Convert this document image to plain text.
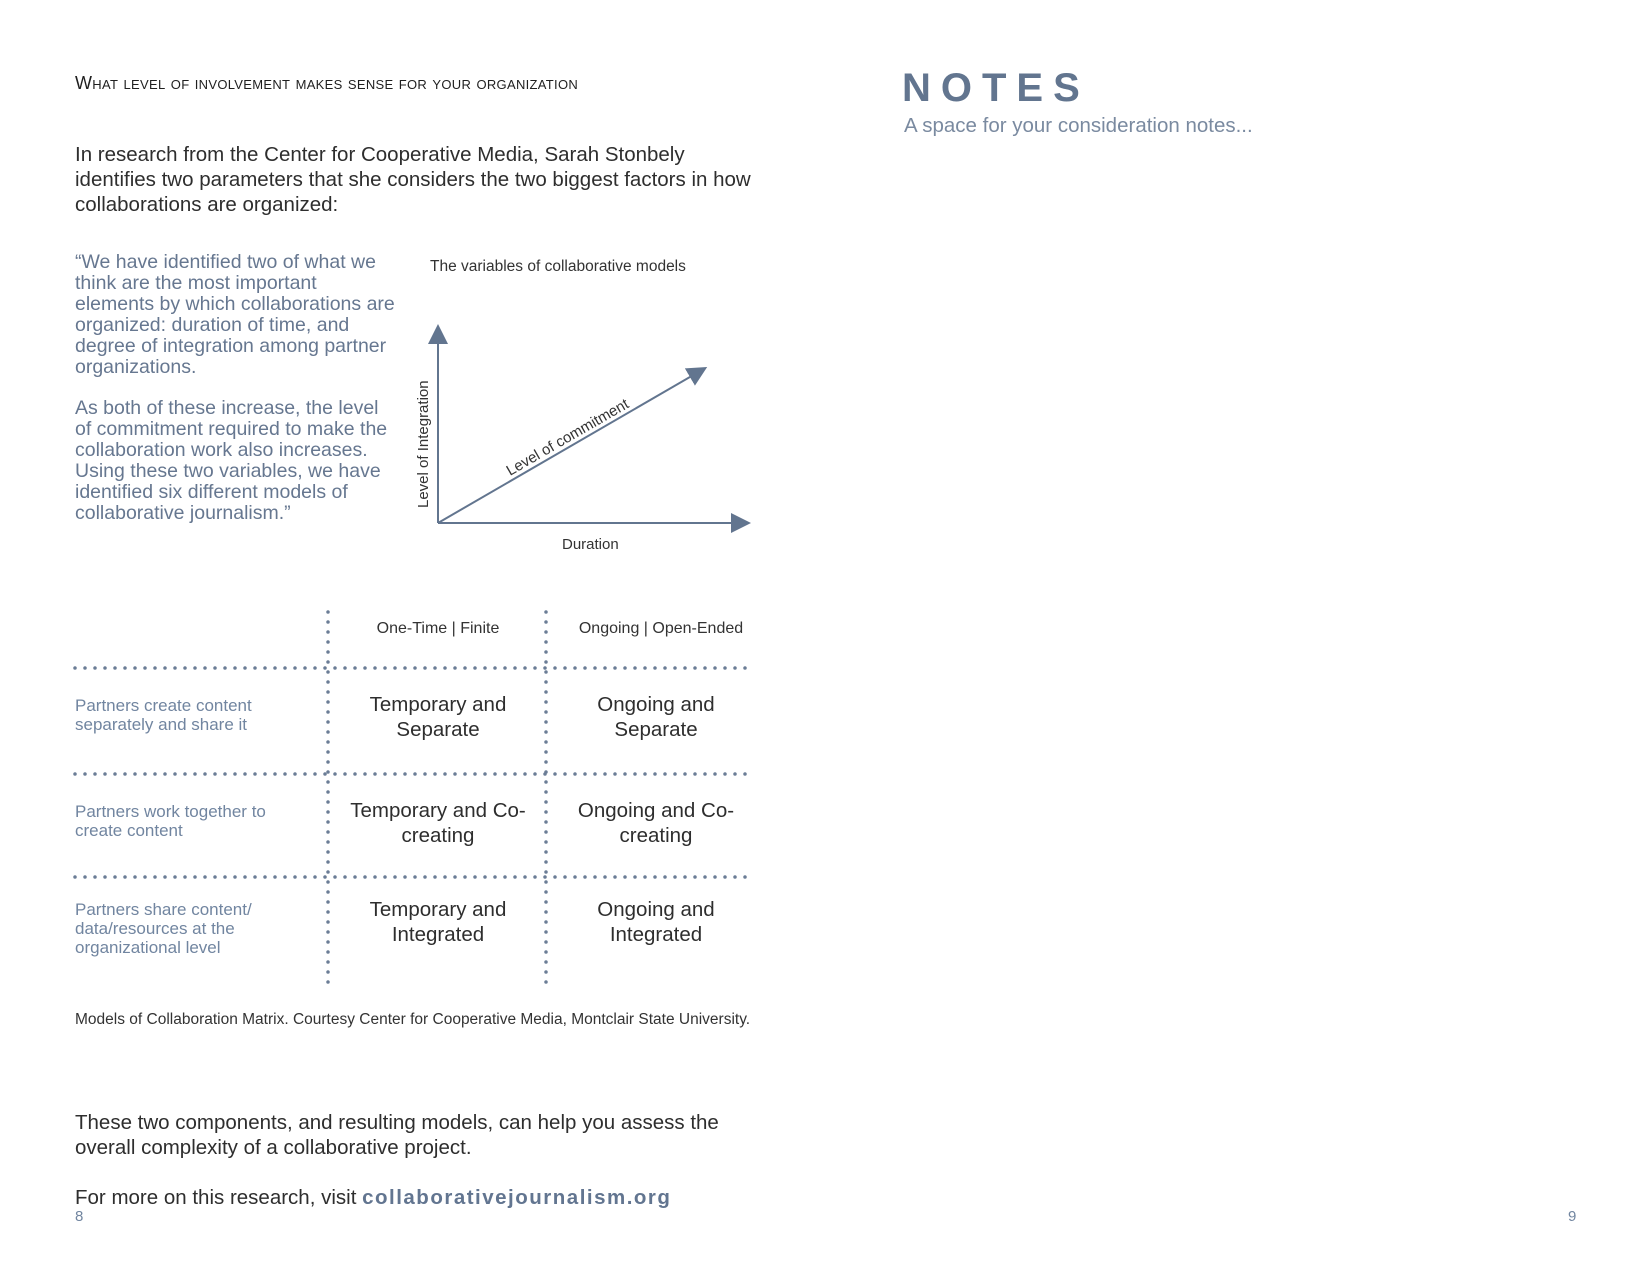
What level of involvement makes sense for your organization
In research from the Center for Cooperative Media, Sarah Stonbely identifies two parameters that she considers the two biggest factors in how collaborations are organized:

“We have identified two of what we think are the most important elements by which collaborations are organized: duration of time, and degree of integration among partner organizations.

As both of these increase, the level of commitment required to make the collaboration work also increases. Using these two variables, we have identified six different models of collaborative journalism.”

The variables of collaborative models
Level of Integration
Duration
Level of commitment
One-Time | Finite	Ongoing | Open-Ended
Partners create content separately and share it
Temporary and Separate
Ongoing and Separate
Partners work together to create content
Temporary and Co-creating
Ongoing and Co-creating
Partners share content/ data/resources at the organizational level
Temporary and Integrated
Ongoing and Integrated
Models of Collaboration Matrix. Courtesy Center for Cooperative Media, Montclair State University.
These two components, and resulting models, can help you assess the overall complexity of a collaborative project.
For more on this research, visit collaborativejournalism.org
8
NOTES
A space for your consideration notes...
9
